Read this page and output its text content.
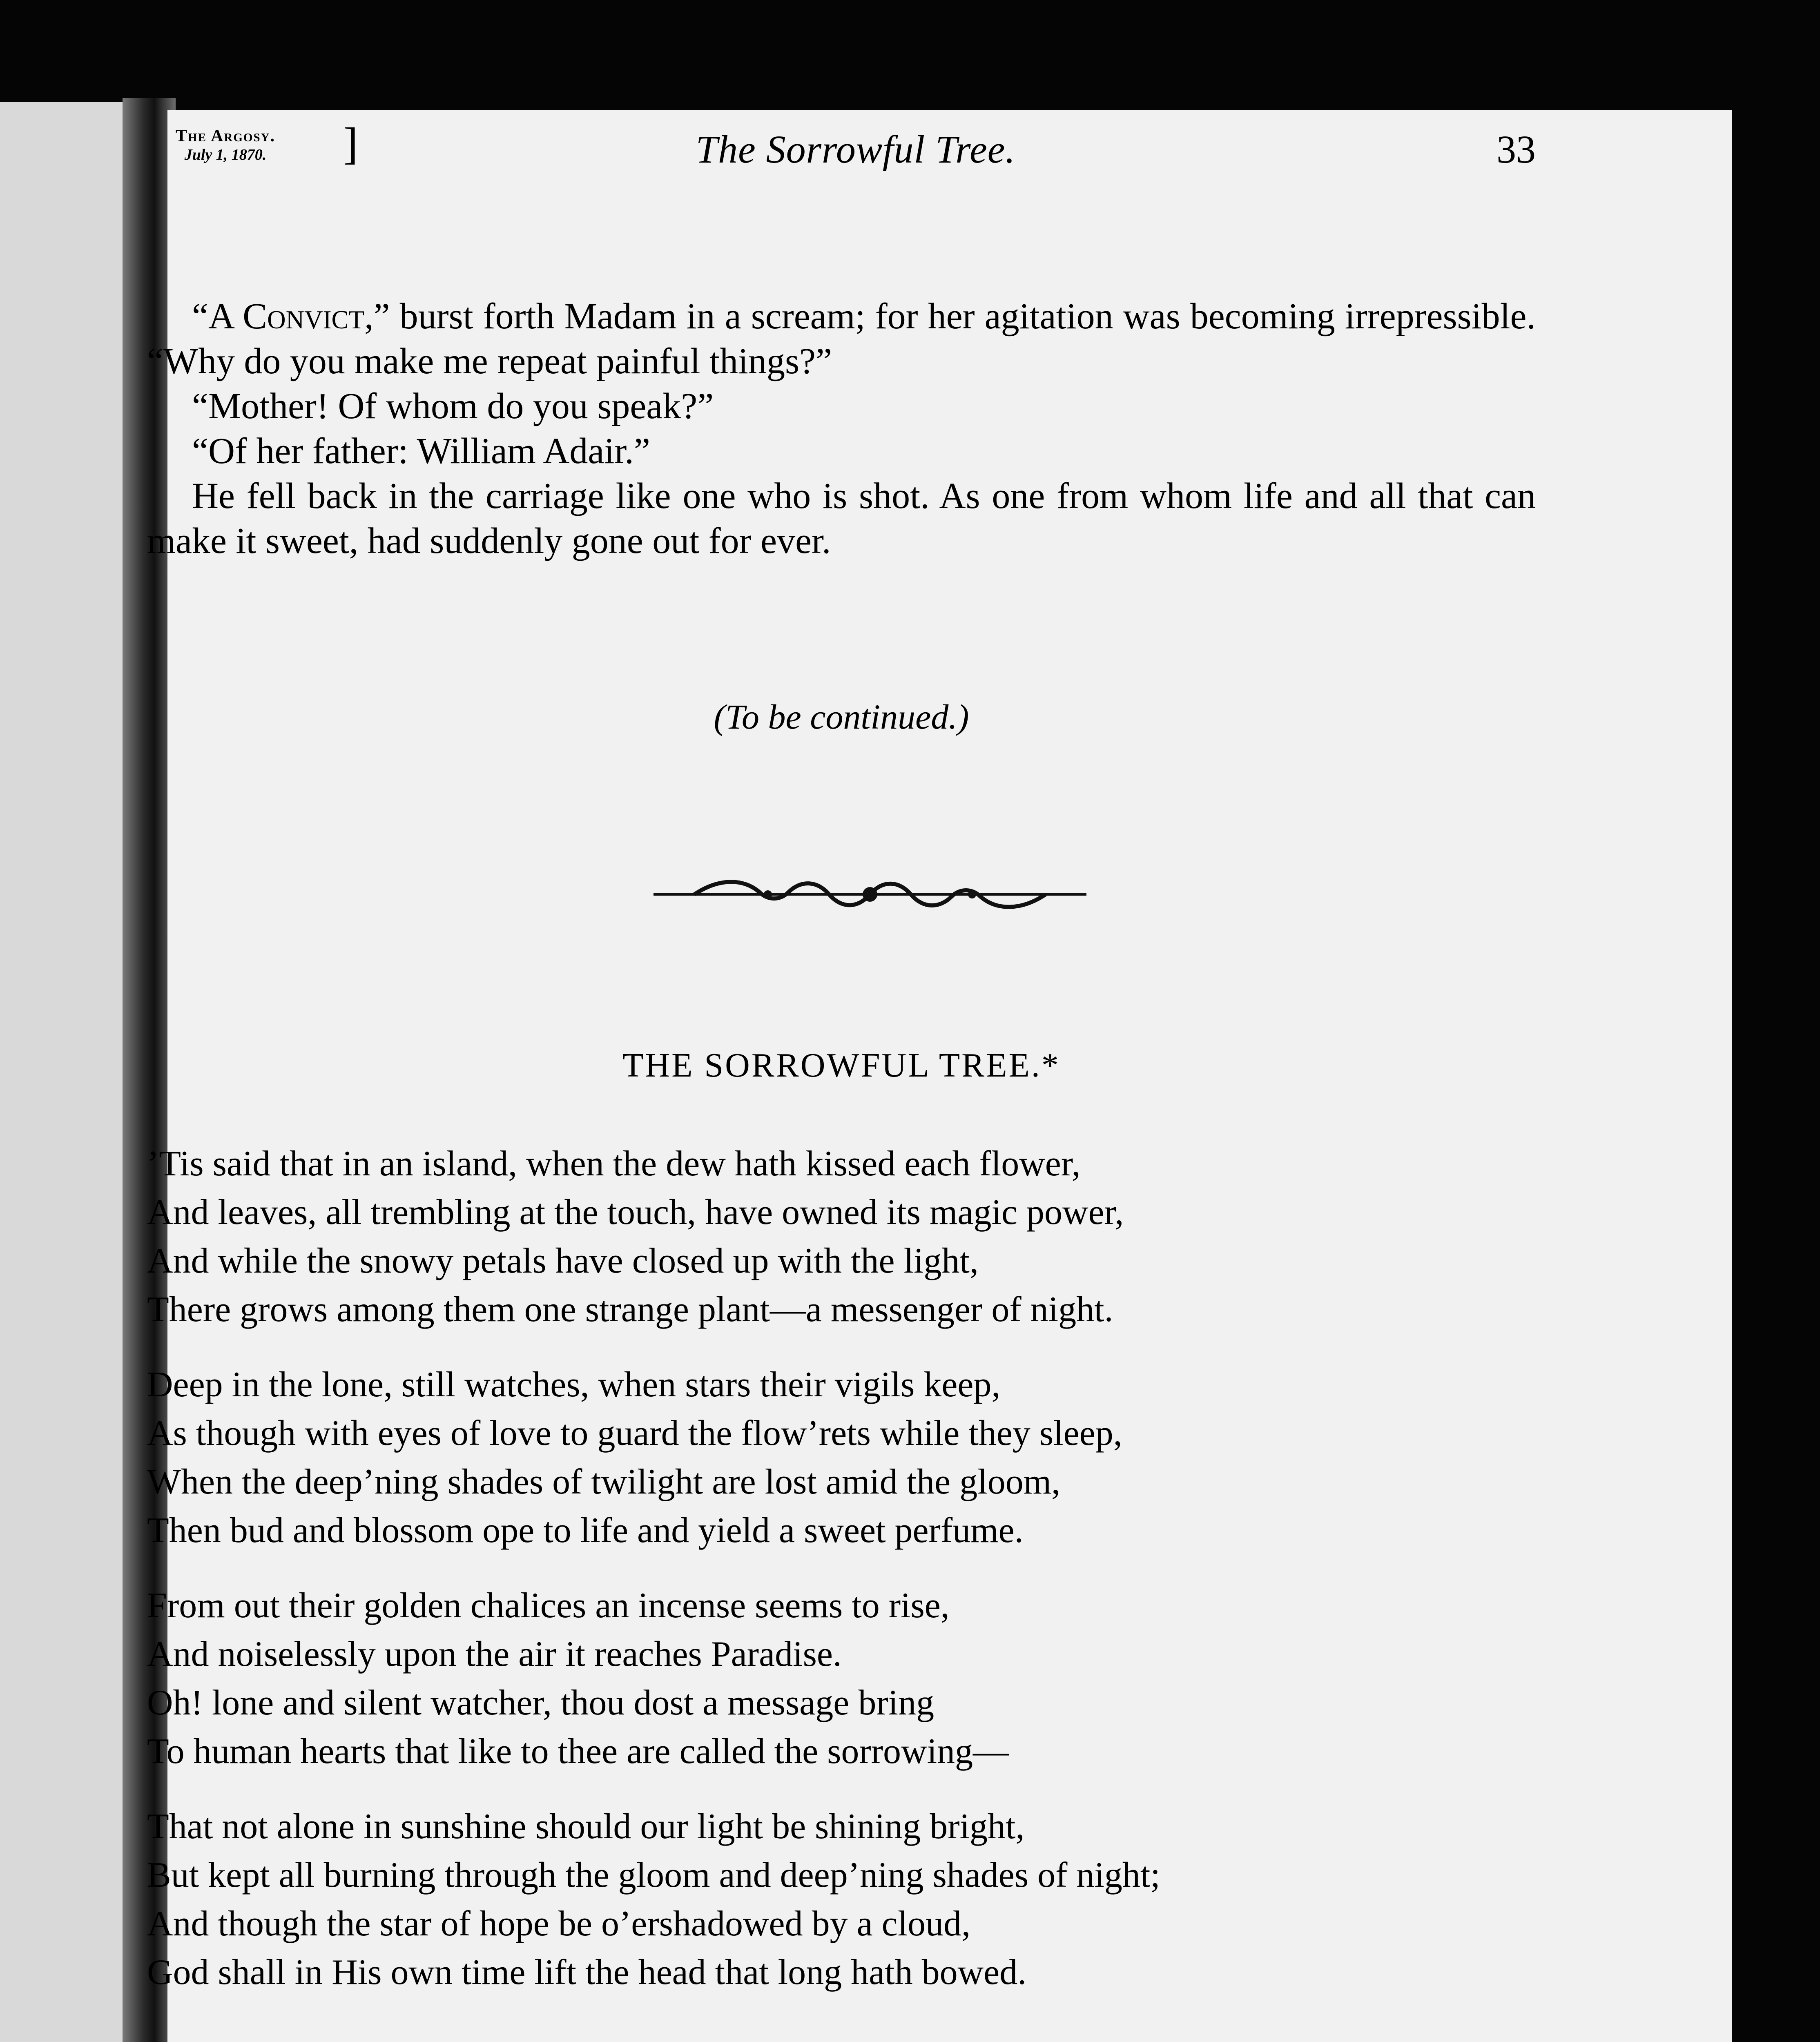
The Argosy.
July 1, 1870. ]	The Sorrowful Tree.	33

“A Convict,” burst forth Madam in a scream; for her agitation was becoming irrepressible. “Why do you make me repeat painful things?”

“Mother! Of whom do you speak?”

“Of her father: William Adair.”

He fell back in the carriage like one who is shot. As one from whom life and all that can make it sweet, had suddenly gone out for ever.

(To be continued.)
THE SORROWFUL TREE.*
’Tis said that in an island, when the dew hath kissed each flower,
And leaves, all trembling at the touch, have owned its magic power,
And while the snowy petals have closed up with the light,
There grows among them one strange plant—a messenger of night.
Deep in the lone, still watches, when stars their vigils keep,
As though with eyes of love to guard the flow’rets while they sleep,
When the deep’ning shades of twilight are lost amid the gloom,
Then bud and blossom ope to life and yield a sweet perfume.
From out their golden chalices an incense seems to rise,
And noiselessly upon the air it reaches Paradise.
Oh! lone and silent watcher, thou dost a message bring
To human hearts that like to thee are called the sorrowing—
That not alone in sunshine should our light be shining bright,
But kept all burning through the gloom and deep’ning shades of night;
And though the star of hope be o’ershadowed by a cloud,
God shall in His own time lift the head that long hath bowed.
